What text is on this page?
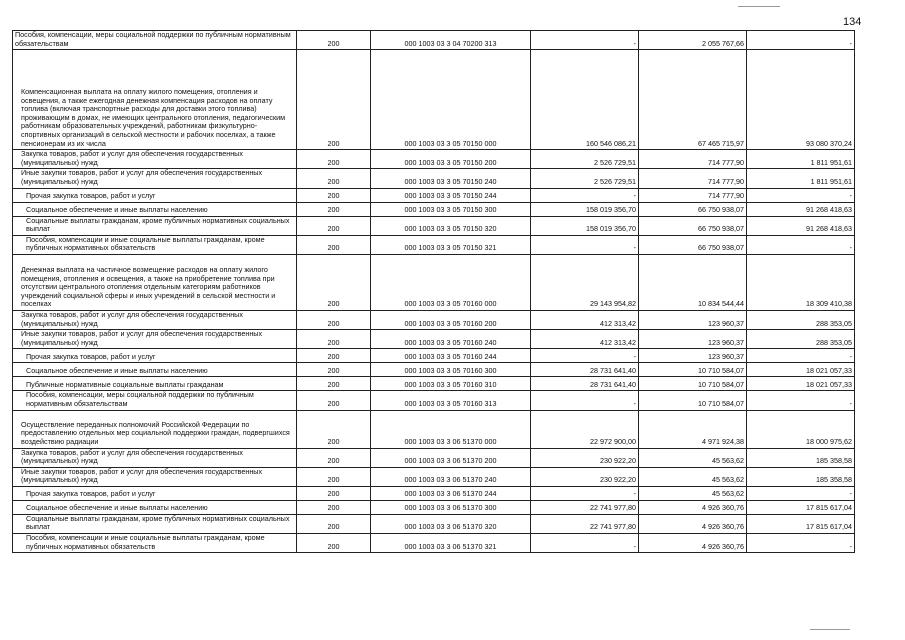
134
Пособия, компенсации, меры социальной поддержки по публичным нормативным обязательствам	200	000 1003 03 3 04 70200 313	-	2 055 767,66	-
Компенсационная выплата на оплату жилого помещения, отопления и освещения, а также ежегодная денежная компенсация расходов на оплату топлива (включая транспортные расходы для доставки этого топлива) проживающим в домах, не имеющих центрального отопления, педагогическим работникам образовательных учреждений, работникам физкультурно-спортивных организаций в сельской местности и рабочих поселках, а также пенсионерам из их числа	200	000 1003 03 3 05 70150 000	160 546 086,21	67 465 715,97	93 080 370,24
Закупка товаров, работ и услуг для обеспечения государственных (муниципальных) нужд	200	000 1003 03 3 05 70150 200	2 526 729,51	714 777,90	1 811 951,61
Иные закупки товаров, работ и услуг для обеспечения государственных (муниципальных) нужд	200	000 1003 03 3 05 70150 240	2 526 729,51	714 777,90	1 811 951,61
Прочая закупка товаров, работ и услуг	200	000 1003 03 3 05 70150 244	-	714 777,90	-
Социальное обеспечение и иные выплаты населению	200	000 1003 03 3 05 70150 300	158 019 356,70	66 750 938,07	91 268 418,63
Социальные выплаты гражданам, кроме публичных нормативных социальных выплат	200	000 1003 03 3 05 70150 320	158 019 356,70	66 750 938,07	91 268 418,63
Пособия, компенсации и иные социальные выплаты гражданам, кроме публичных нормативных обязательств	200	000 1003 03 3 05 70150 321	-	66 750 938,07	-
Денежная выплата на частичное возмещение расходов на оплату жилого помещения, отопления и освещения, а также на приобретение топлива при отсутствии центрального отопления отдельным категориям работников учреждений социальной сферы и иных учреждений в сельской местности и поселках	200	000 1003 03 3 05 70160 000	29 143 954,82	10 834 544,44	18 309 410,38
Закупка товаров, работ и услуг для обеспечения государственных (муниципальных) нужд	200	000 1003 03 3 05 70160 200	412 313,42	123 960,37	288 353,05
Иные закупки товаров, работ и услуг для обеспечения государственных (муниципальных) нужд	200	000 1003 03 3 05 70160 240	412 313,42	123 960,37	288 353,05
Прочая закупка товаров, работ и услуг	200	000 1003 03 3 05 70160 244	-	123 960,37	-
Социальное обеспечение и иные выплаты населению	200	000 1003 03 3 05 70160 300	28 731 641,40	10 710 584,07	18 021 057,33
Публичные нормативные социальные выплаты гражданам	200	000 1003 03 3 05 70160 310	28 731 641,40	10 710 584,07	18 021 057,33
Пособия, компенсации, меры социальной поддержки по публичным нормативным обязательствам	200	000 1003 03 3 05 70160 313	-	10 710 584,07	-
Осуществление переданных полномочий Российской Федерации по предоставлению отдельных мер социальной поддержки граждан, подвергшихся воздействию радиации	200	000 1003 03 3 06 51370 000	22 972 900,00	4 971 924,38	18 000 975,62
Закупка товаров, работ и услуг для обеспечения государственных (муниципальных) нужд	200	000 1003 03 3 06 51370 200	230 922,20	45 563,62	185 358,58
Иные закупки товаров, работ и услуг для обеспечения государственных (муниципальных) нужд	200	000 1003 03 3 06 51370 240	230 922,20	45 563,62	185 358,58
Прочая закупка товаров, работ и услуг	200	000 1003 03 3 06 51370 244	-	45 563,62	-
Социальное обеспечение и иные выплаты населению	200	000 1003 03 3 06 51370 300	22 741 977,80	4 926 360,76	17 815 617,04
Социальные выплаты гражданам, кроме публичных нормативных социальных выплат	200	000 1003 03 3 06 51370 320	22 741 977,80	4 926 360,76	17 815 617,04
Пособия, компенсации и иные социальные выплаты гражданам, кроме публичных нормативных обязательств	200	000 1003 03 3 06 51370 321	-	4 926 360,76	-
